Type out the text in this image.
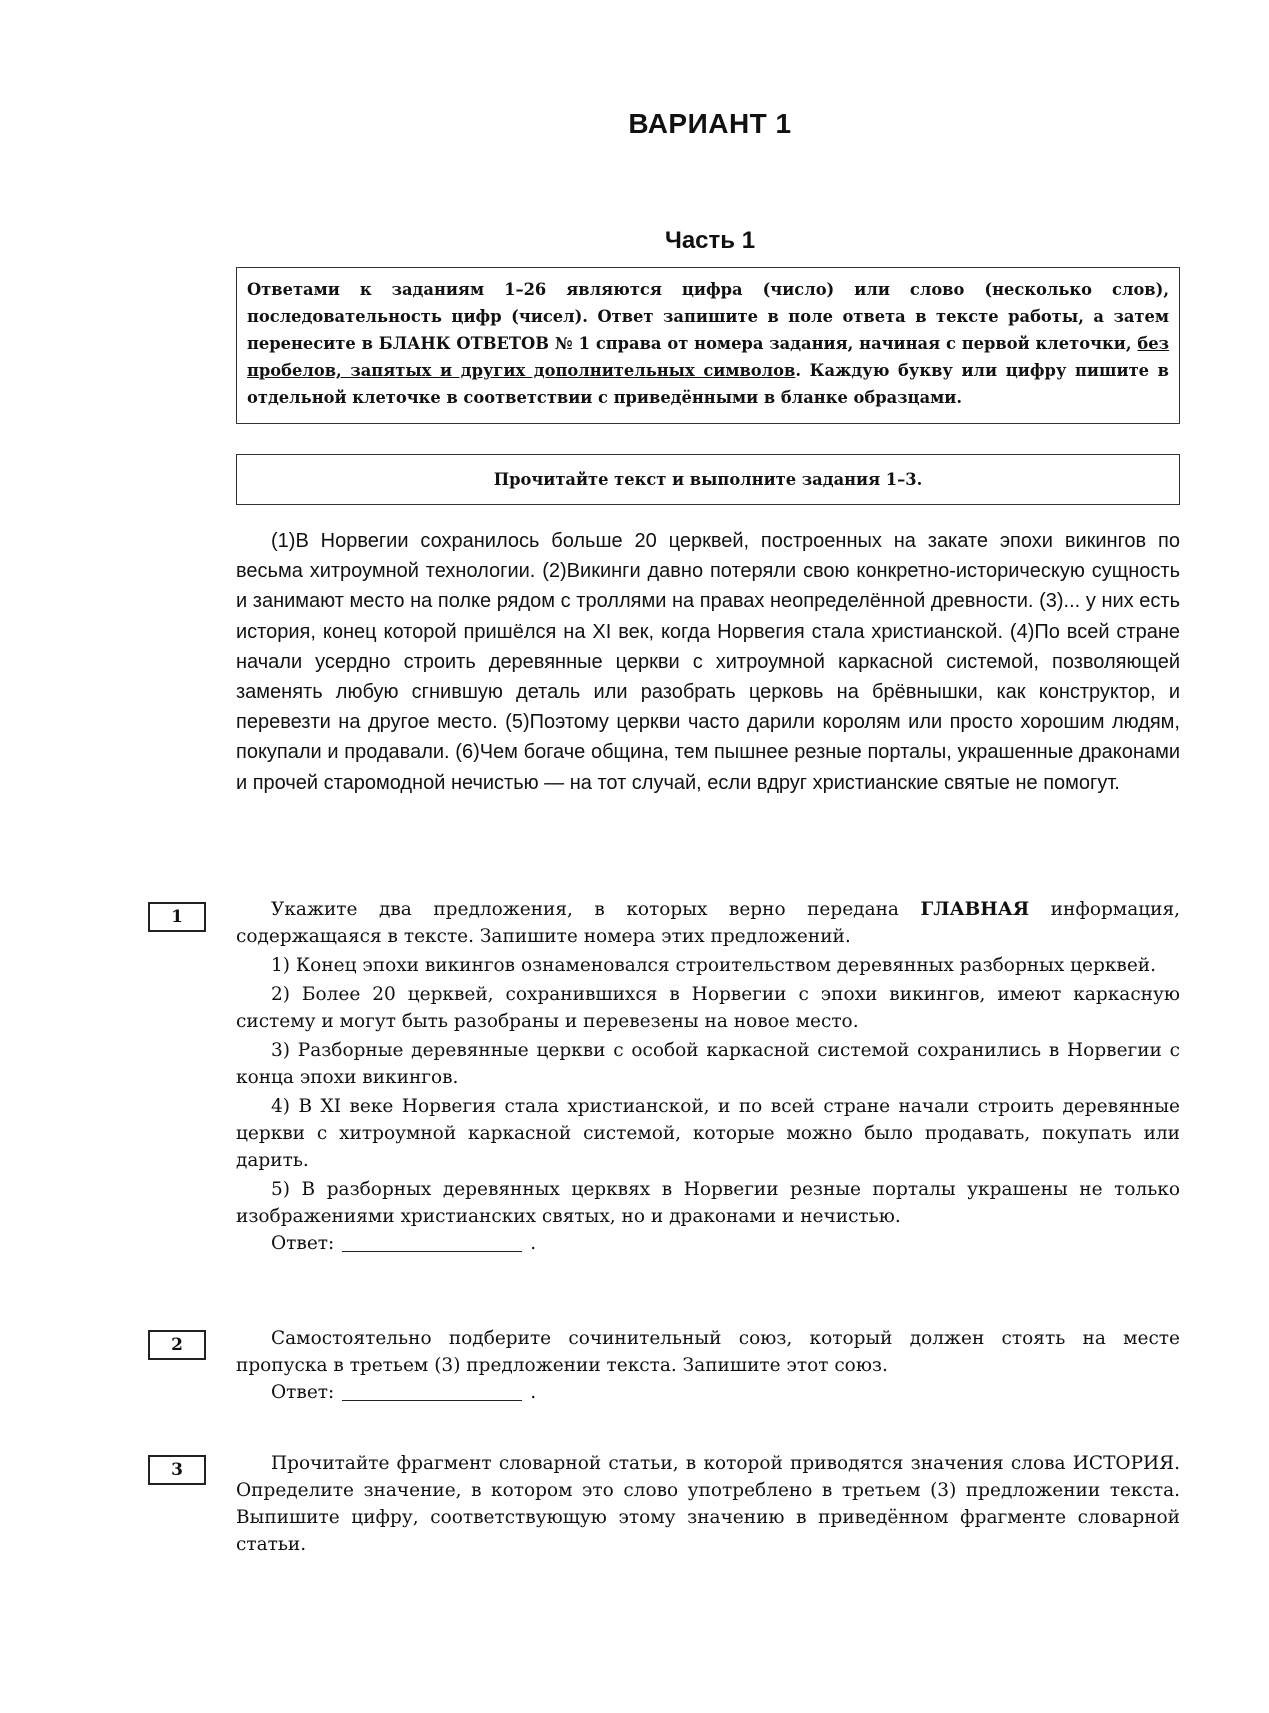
ВАРИАНТ 1
Часть 1
Ответами к заданиям 1–26 являются цифра (число) или слово (несколько слов), последовательность цифр (чисел). Ответ запишите в поле ответа в тексте работы, а затем перенесите в БЛАНК ОТВЕТОВ № 1 справа от номера задания, начиная с первой клеточки, без пробелов, запятых и других дополнительных символов. Каждую букву или цифру пишите в отдельной клеточке в соответствии с приведёнными в бланке образцами.
Прочитайте текст и выполните задания 1–3.

(1)В Норвегии сохранилось больше 20 церквей, построенных на закате эпохи викингов по весьма хитроумной технологии. (2)Викинги давно потеряли свою конкретно-историческую сущность и занимают место на полке рядом с троллями на правах неопределённой древности. (3)... у них есть история, конец которой пришёлся на XI век, когда Норвегия стала христианской. (4)По всей стране начали усердно строить деревянные церкви с хитроумной каркасной системой, позволяющей заменять любую сгнившую деталь или разобрать церковь на брёвнышки, как конструктор, и перевезти на другое место. (5)Поэтому церкви часто дарили королям или просто хорошим людям, покупали и продавали. (6)Чем богаче община, тем пышнее резные порталы, украшенные драконами и прочей старомодной нечистью — на тот случай, если вдруг христианские святые не помогут.

1	Укажите два предложения, в которых верно передана ГЛАВНАЯ информация, содержащаяся в тексте. Запишите номера этих предложений.

1) Конец эпохи викингов ознаменовался строительством деревянных разборных церквей.

2) Более 20 церквей, сохранившихся в Норвегии с эпохи викингов, имеют каркасную систему и могут быть разобраны и перевезены на новое место.

3) Разборные деревянные церкви с особой каркасной системой сохранились в Норвегии с конца эпохи викингов.

4) В XI веке Норвегия стала христианской, и по всей стране начали строить деревянные церкви с хитроумной каркасной системой, которые можно было продавать, покупать или дарить.

5) В разборных деревянных церквях в Норвегии резные порталы украшены не только изображениями христианских святых, но и драконами и нечистью.

Ответ:	.

2	Самостоятельно подберите сочинительный союз, который должен стоять на месте пропуска в третьем (3) предложении текста. Запишите этот союз.

Ответ:	.

3	Прочитайте фрагмент словарной статьи, в которой приводятся значения слова ИСТОРИЯ. Определите значение, в котором это слово употреблено в третьем (3) предложении текста. Выпишите цифру, соответствующую этому значению в приведённом фрагменте словарной статьи.
